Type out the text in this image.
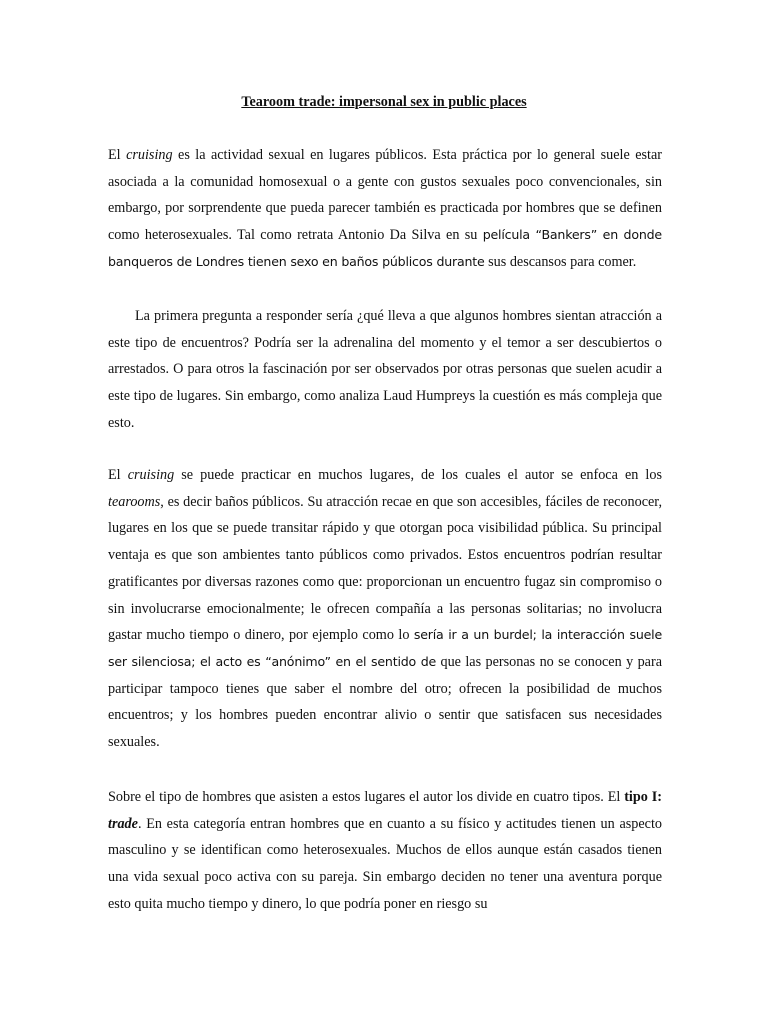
Tearoom trade: impersonal sex in public places

El cruising es la actividad sexual en lugares públicos. Esta práctica por lo general suele estar asociada a la comunidad homosexual o a gente con gustos sexuales poco convencionales, sin embargo, por sorprendente que pueda parecer también es practicada por hombres que se definen como heterosexuales. Tal como retrata Antonio Da Silva en su película “Bankers” en donde banqueros de Londres tienen sexo en baños públicos durante sus descansos para comer.

La primera pregunta a responder sería ¿qué lleva a que algunos hombres sientan atracción a este tipo de encuentros? Podría ser la adrenalina del momento y el temor a ser descubiertos o arrestados. O para otros la fascinación por ser observados por otras personas que suelen acudir a este tipo de lugares. Sin embargo, como analiza Laud Humpreys la cuestión es más compleja que esto.

El cruising se puede practicar en muchos lugares, de los cuales el autor se enfoca en los tearooms, es decir baños públicos. Su atracción recae en que son accesibles, fáciles de reconocer, lugares en los que se puede transitar rápido y que otorgan poca visibilidad pública. Su principal ventaja es que son ambientes tanto públicos como privados. Estos encuentros podrían resultar gratificantes por diversas razones como que: proporcionan un encuentro fugaz sin compromiso o sin involucrarse emocionalmente; le ofrecen compañía a las personas solitarias; no involucra gastar mucho tiempo o dinero, por ejemplo como lo sería ir a un burdel; la interacción suele ser silenciosa; el acto es “anónimo” en el sentido de que las personas no se conocen y para participar tampoco tienes que saber el nombre del otro; ofrecen la posibilidad de muchos encuentros; y los hombres pueden encontrar alivio o sentir que satisfacen sus necesidades sexuales.

Sobre el tipo de hombres que asisten a estos lugares el autor los divide en cuatro tipos. El tipo I: trade. En esta categoría entran hombres que en cuanto a su físico y actitudes tienen un aspecto masculino y se identifican como heterosexuales. Muchos de ellos aunque están casados tienen una vida sexual poco activa con su pareja. Sin embargo deciden no tener una aventura porque esto quita mucho tiempo y dinero, lo que podría poner en riesgo su
